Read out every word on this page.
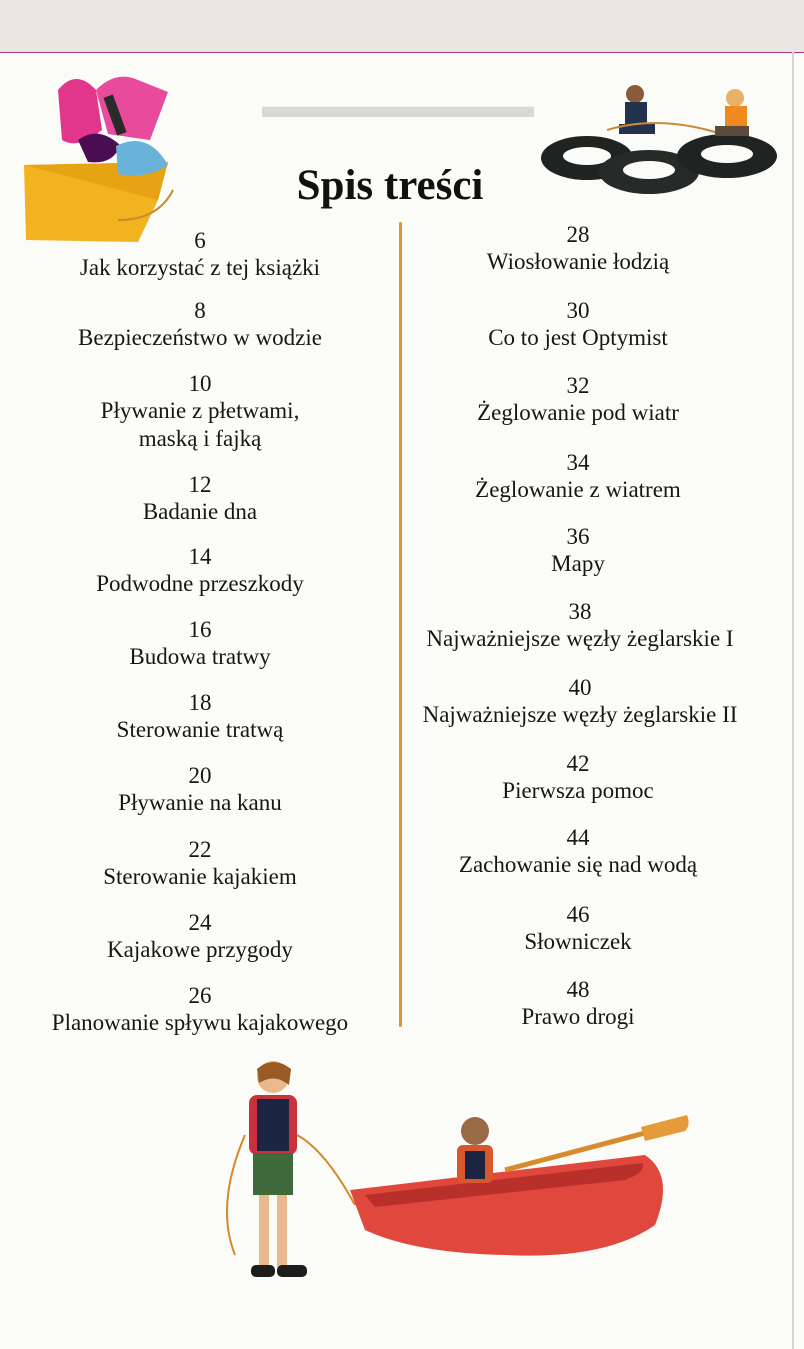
▬▬▬▬▬▬▬▬
Spis treści
6
Jak korzystać z tej książki
8
Bezpieczeństwo w wodzie
10
Pływanie z płetwami,
maską i fajką
12
Badanie dna
14
Podwodne przeszkody
16
Budowa tratwy
18
Sterowanie tratwą
20
Pływanie na kanu
22
Sterowanie kajakiem
24
Kajakowe przygody
26
Planowanie spływu kajakowego
28
Wiosłowanie łodzią
30
Co to jest Optymist
32
Żeglowanie pod wiatr
34
Żeglowanie z wiatrem
36
Mapy
38
Najważniejsze węzły żeglarskie I
40
Najważniejsze węzły żeglarskie II
42
Pierwsza pomoc
44
Zachowanie się nad wodą
46
Słowniczek
48
Prawo drogi
